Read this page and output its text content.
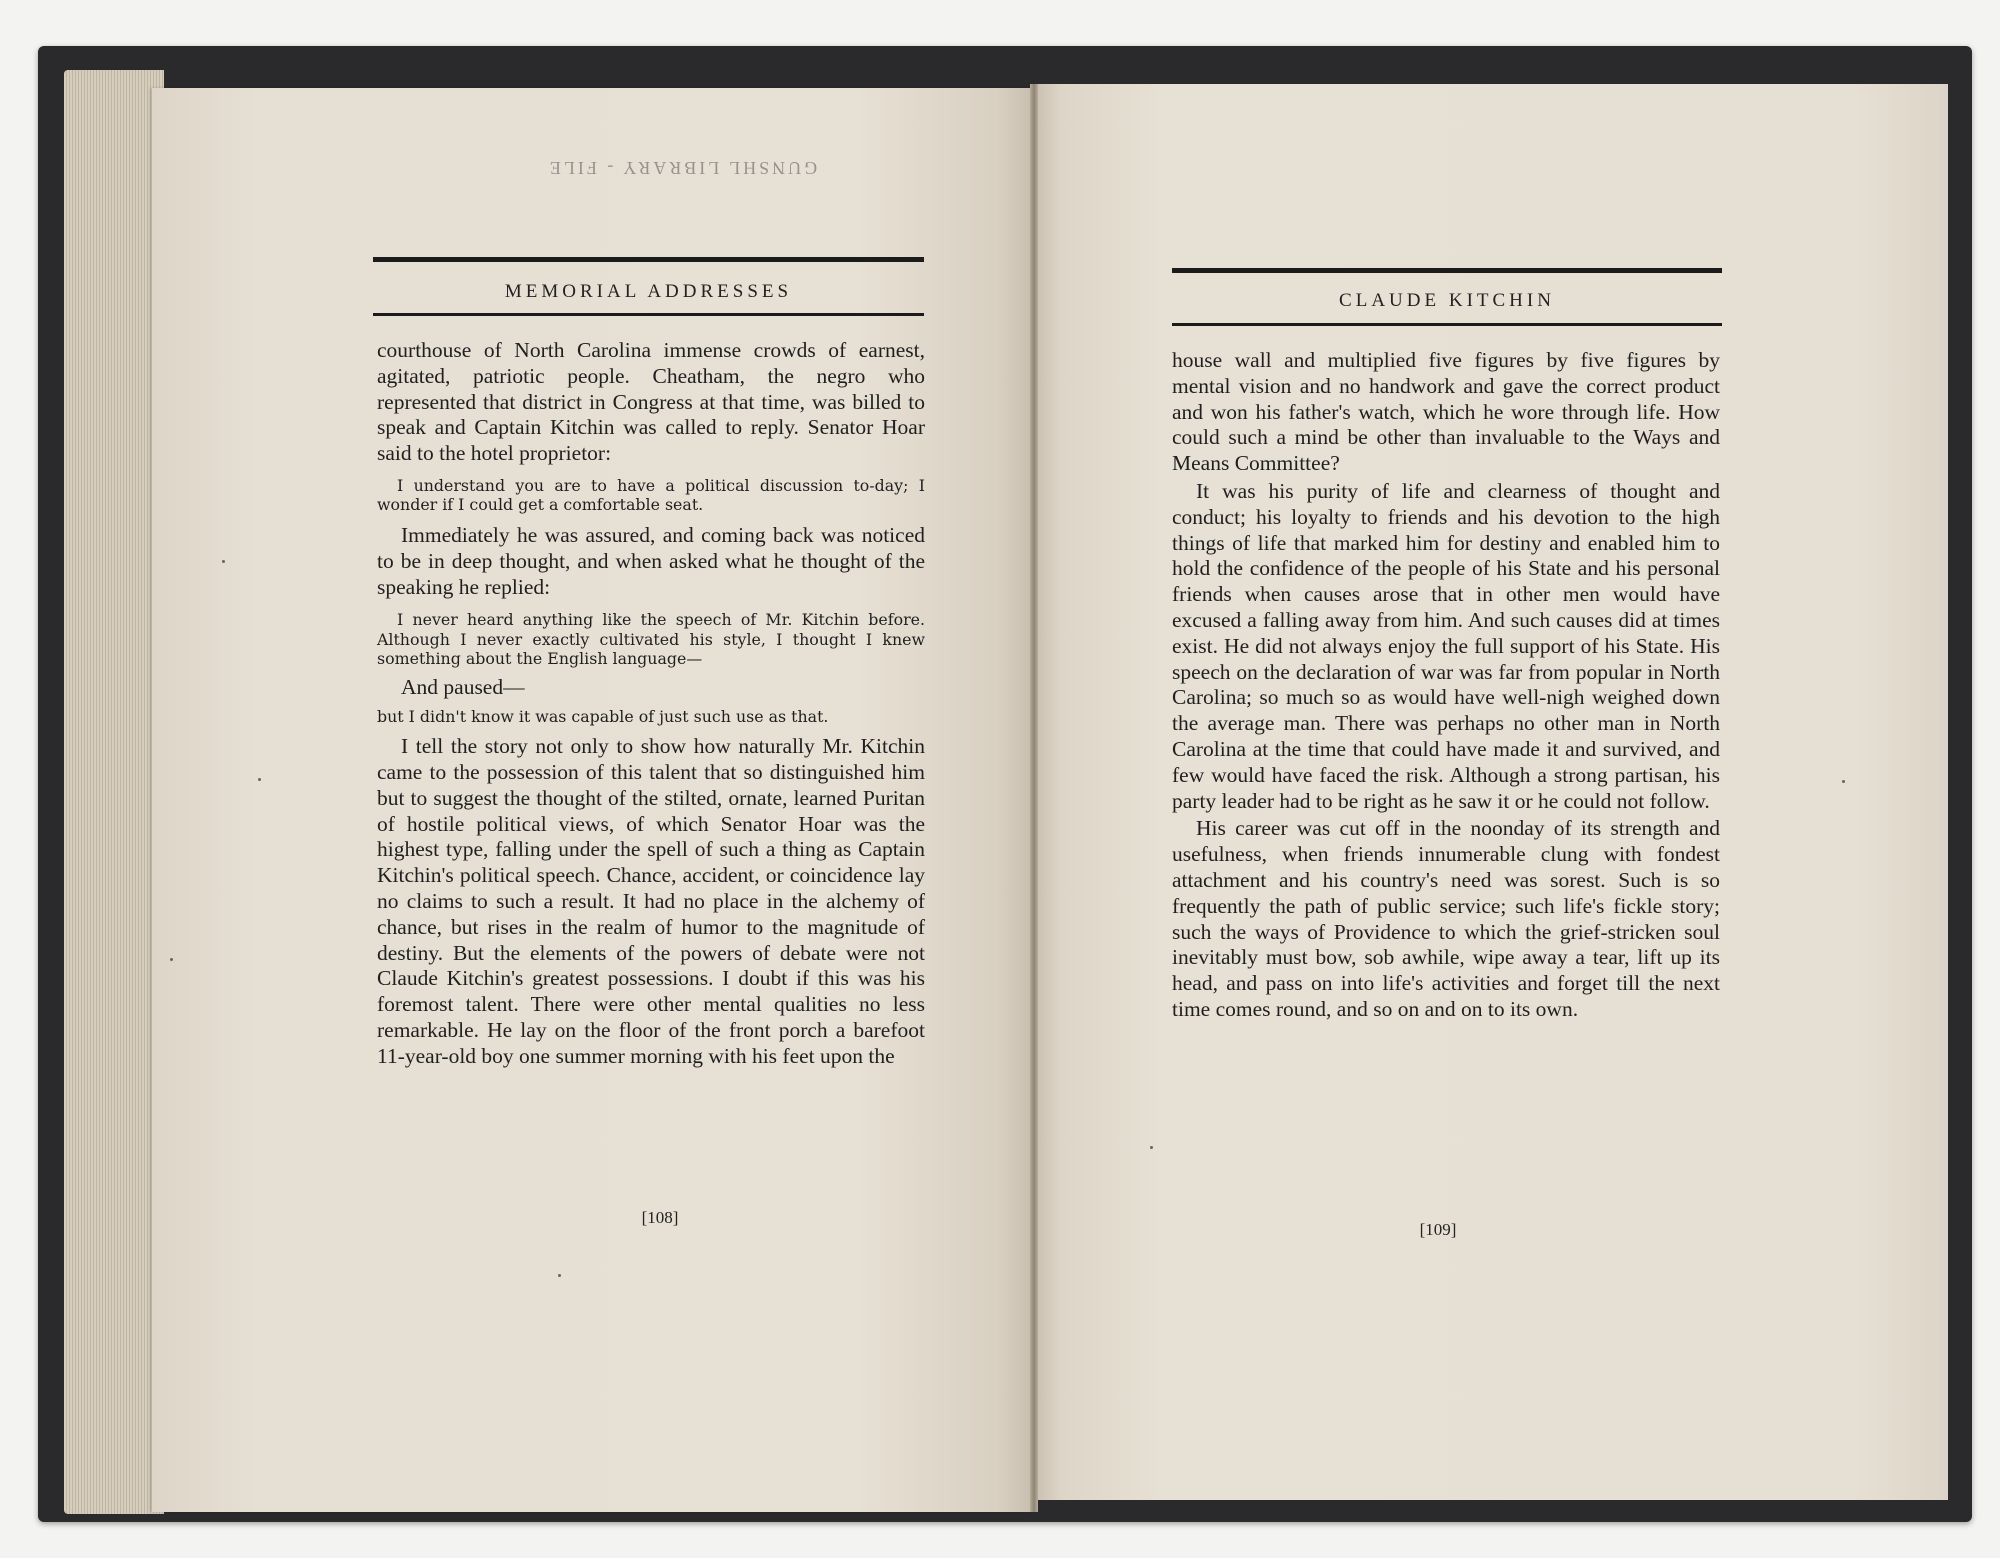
GUNSHL LIBRARY - FILE
MEMORIAL ADDRESSES

courthouse of North Carolina immense crowds of earnest, agitated, patriotic people. Cheatham, the negro who represented that district in Congress at that time, was billed to speak and Captain Kitchin was called to reply. Senator Hoar said to the hotel proprietor:

I understand you are to have a political discussion to-day; I wonder if I could get a comfortable seat.

Immediately he was assured, and coming back was noticed to be in deep thought, and when asked what he thought of the speaking he replied:

I never heard anything like the speech of Mr. Kitchin before. Although I never exactly cultivated his style, I thought I knew something about the English language—

And paused—

but I didn't know it was capable of just such use as that.

I tell the story not only to show how naturally Mr. Kitchin came to the possession of this talent that so distinguished him but to suggest the thought of the stilted, ornate, learned Puritan of hostile political views, of which Senator Hoar was the highest type, falling under the spell of such a thing as Captain Kitchin's political speech. Chance, accident, or coincidence lay no claims to such a result. It had no place in the alchemy of chance, but rises in the realm of humor to the magnitude of destiny. But the elements of the powers of debate were not Claude Kitchin's greatest possessions. I doubt if this was his foremost talent. There were other mental qualities no less remarkable. He lay on the floor of the front porch a barefoot 11-year-old boy one summer morning with his feet upon the

[108]
CLAUDE KITCHIN

house wall and multiplied five figures by five figures by mental vision and no handwork and gave the correct product and won his father's watch, which he wore through life. How could such a mind be other than invaluable to the Ways and Means Committee?

It was his purity of life and clearness of thought and conduct; his loyalty to friends and his devotion to the high things of life that marked him for destiny and enabled him to hold the confidence of the people of his State and his personal friends when causes arose that in other men would have excused a falling away from him. And such causes did at times exist. He did not always enjoy the full support of his State. His speech on the declaration of war was far from popular in North Carolina; so much so as would have well-nigh weighed down the average man. There was perhaps no other man in North Carolina at the time that could have made it and survived, and few would have faced the risk. Although a strong partisan, his party leader had to be right as he saw it or he could not follow.

His career was cut off in the noonday of its strength and usefulness, when friends innumerable clung with fondest attachment and his country's need was sorest. Such is so frequently the path of public service; such life's fickle story; such the ways of Providence to which the grief-stricken soul inevitably must bow, sob awhile, wipe away a tear, lift up its head, and pass on into life's activities and forget till the next time comes round, and so on and on to its own.

[109]
